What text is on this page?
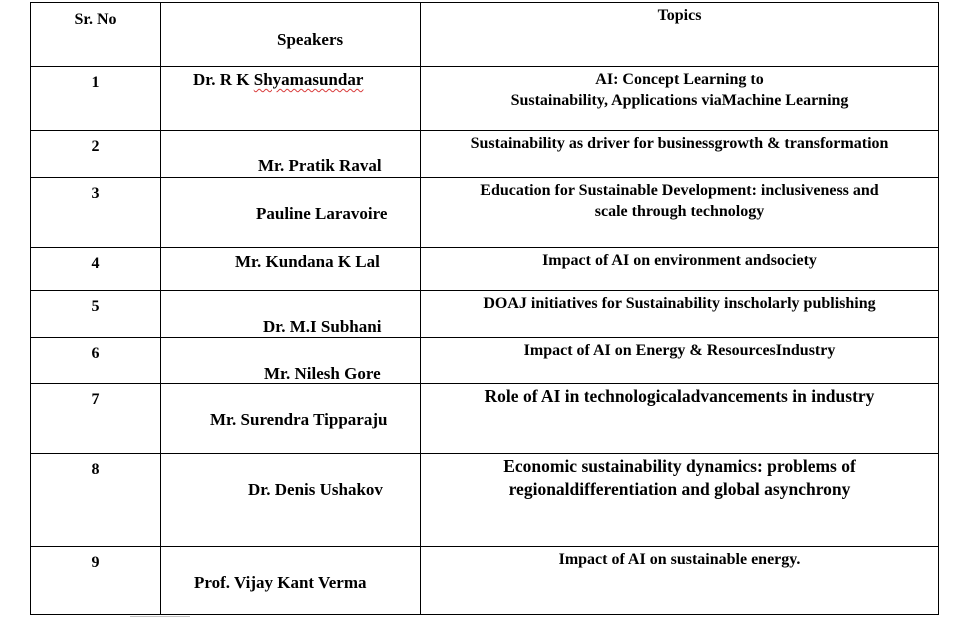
Sr. No	Speakers	Topics

1	Dr. R K Shyamasundar	AI: Concept Learning to
Sustainability, Applications viaMachine Learning

2	Mr. Pratik Raval	Sustainability as driver for businessgrowth & transformation

3	Pauline Laravoire	Education for Sustainable Development: inclusiveness and
scale through technology

4	Mr. Kundana K Lal	Impact of AI on environment andsociety

5	Dr. M.I Subhani	DOAJ initiatives for Sustainability inscholarly publishing

6	Mr. Nilesh Gore	Impact of AI on Energy & ResourcesIndustry

7	Mr. Surendra Tipparaju	Role of AI in technologicaladvancements in industry

8	Dr. Denis Ushakov	Economic sustainability dynamics: problems of
regionaldifferentiation and global asynchrony

9	Prof. Vijay Kant Verma	Impact of AI on sustainable energy.
